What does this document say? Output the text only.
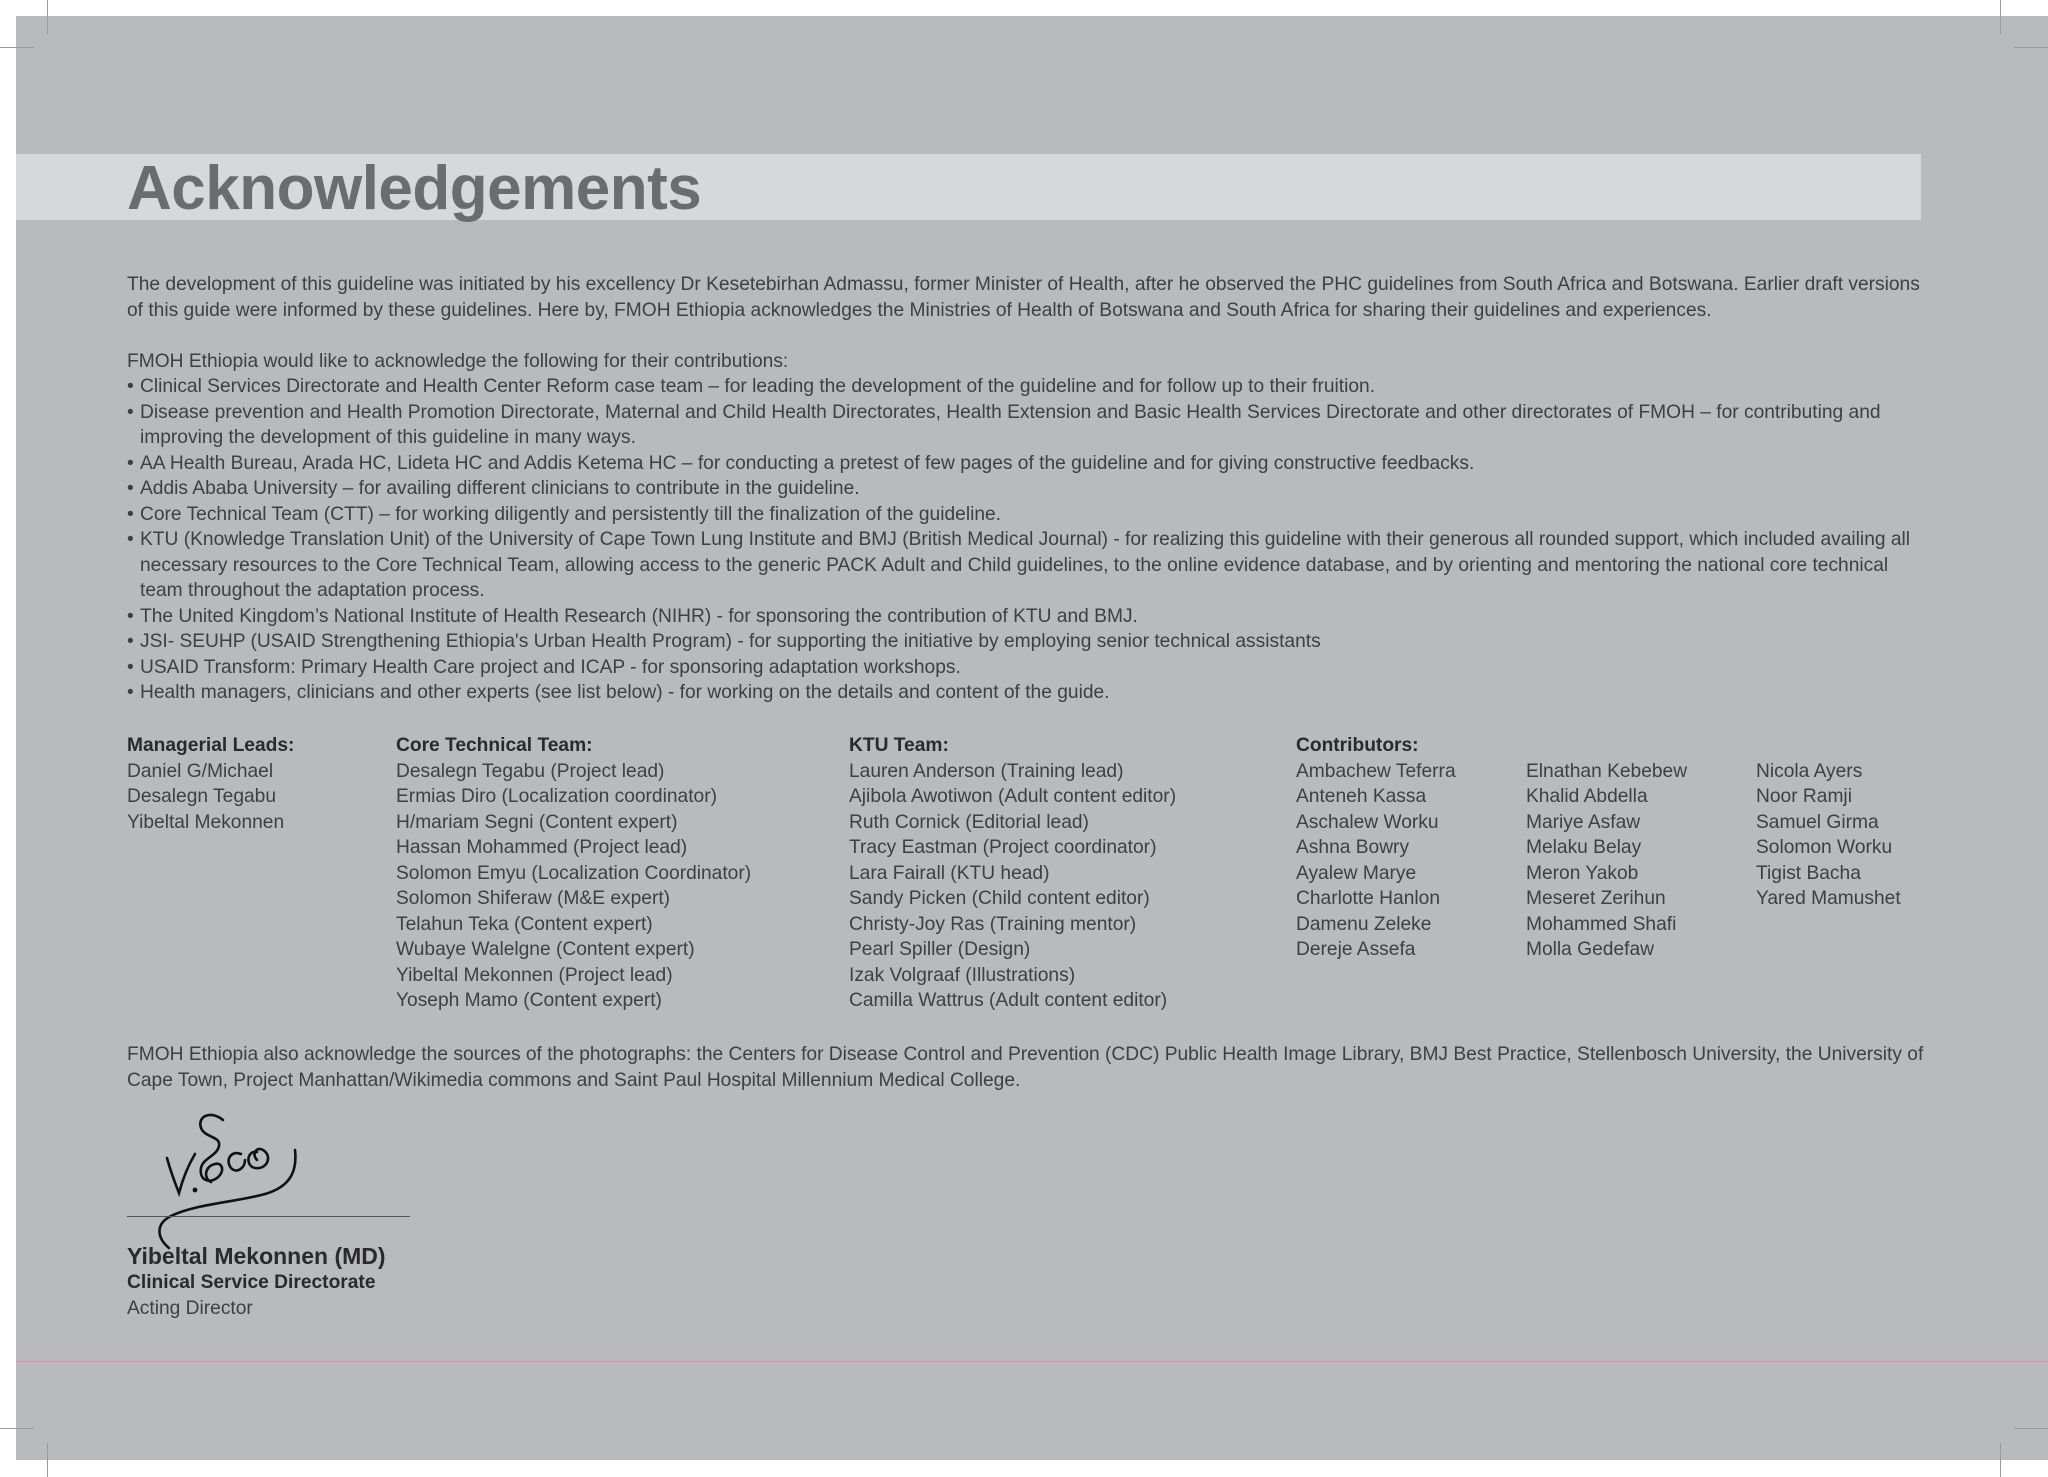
Acknowledgements

The development of this guideline was initiated by his excellency Dr Kesetebirhan Admassu, former Minister of Health, after he observed the PHC guidelines from South Africa and Botswana. Earlier draft versions of this guide were informed by these guidelines. Here by, FMOH Ethiopia acknowledges the Ministries of Health of Botswana and South Africa for sharing their guidelines and experiences.

FMOH Ethiopia would like to acknowledge the following for their contributions:

• Clinical Services Directorate and Health Center Reform case team – for leading the development of the guideline and for follow up to their fruition.
• Disease prevention and Health Promotion Directorate, Maternal and Child Health Directorates, Health Extension and Basic Health Services Directorate and other directorates of FMOH – for contributing and improving the development of this guideline in many ways.
• AA Health Bureau, Arada HC, Lideta HC and Addis Ketema HC – for conducting a pretest of few pages of the guideline and for giving constructive feedbacks.
• Addis Ababa University – for availing different clinicians to contribute in the guideline.
• Core Technical Team (CTT) – for working diligently and persistently till the finalization of the guideline.
• KTU (Knowledge Translation Unit) of the University of Cape Town Lung Institute and BMJ (British Medical Journal) - for realizing this guideline with their generous all rounded support, which included availing all necessary resources to the Core Technical Team, allowing access to the generic PACK Adult and Child guidelines, to the online evidence database, and by orienting and mentoring the national core technical team throughout the adaptation process.
• The United Kingdom’s National Institute of Health Research (NIHR) - for sponsoring the contribution of KTU and BMJ.
• JSI- SEUHP (USAID Strengthening Ethiopia's Urban Health Program) - for supporting the initiative by employing senior technical assistants
• USAID Transform: Primary Health Care project and ICAP - for sponsoring adaptation workshops.
• Health managers, clinicians and other experts (see list below) - for working on the details and content of the guide.
Managerial Leads:
Daniel G/Michael
Desalegn Tegabu
Yibeltal Mekonnen
Core Technical Team:
Desalegn Tegabu (Project lead)
Ermias Diro (Localization coordinator)
H/mariam Segni (Content expert)
Hassan Mohammed (Project lead)
Solomon Emyu (Localization Coordinator)
Solomon Shiferaw (M&E expert)
Telahun Teka (Content expert)
Wubaye Walelgne (Content expert)
Yibeltal Mekonnen (Project lead)
Yoseph Mamo (Content expert)
KTU Team:
Lauren Anderson (Training lead)
Ajibola Awotiwon (Adult content editor)
Ruth Cornick (Editorial lead)
Tracy Eastman (Project coordinator)
Lara Fairall (KTU head)
Sandy Picken (Child content editor)
Christy-Joy Ras (Training mentor)
Pearl Spiller (Design)
Izak Volgraaf (Illustrations)
Camilla Wattrus (Adult content editor)
Contributors:
Ambachew Teferra
Anteneh Kassa
Aschalew Worku
Ashna Bowry
Ayalew Marye
Charlotte Hanlon
Damenu Zeleke
Dereje Assefa
Elnathan Kebebew
Khalid Abdella
Mariye Asfaw
Melaku Belay
Meron Yakob
Meseret Zerihun
Mohammed Shafi
Molla Gedefaw
Nicola Ayers
Noor Ramji
Samuel Girma
Solomon Worku
Tigist Bacha
Yared Mamushet

FMOH Ethiopia also acknowledge the sources of the photographs: the Centers for Disease Control and Prevention (CDC) Public Health Image Library, BMJ Best Practice, Stellenbosch University, the University of Cape Town, Project Manhattan/Wikimedia commons and Saint Paul Hospital Millennium Medical College.

Yibeltal Mekonnen (MD)
Clinical Service Directorate
Acting Director
